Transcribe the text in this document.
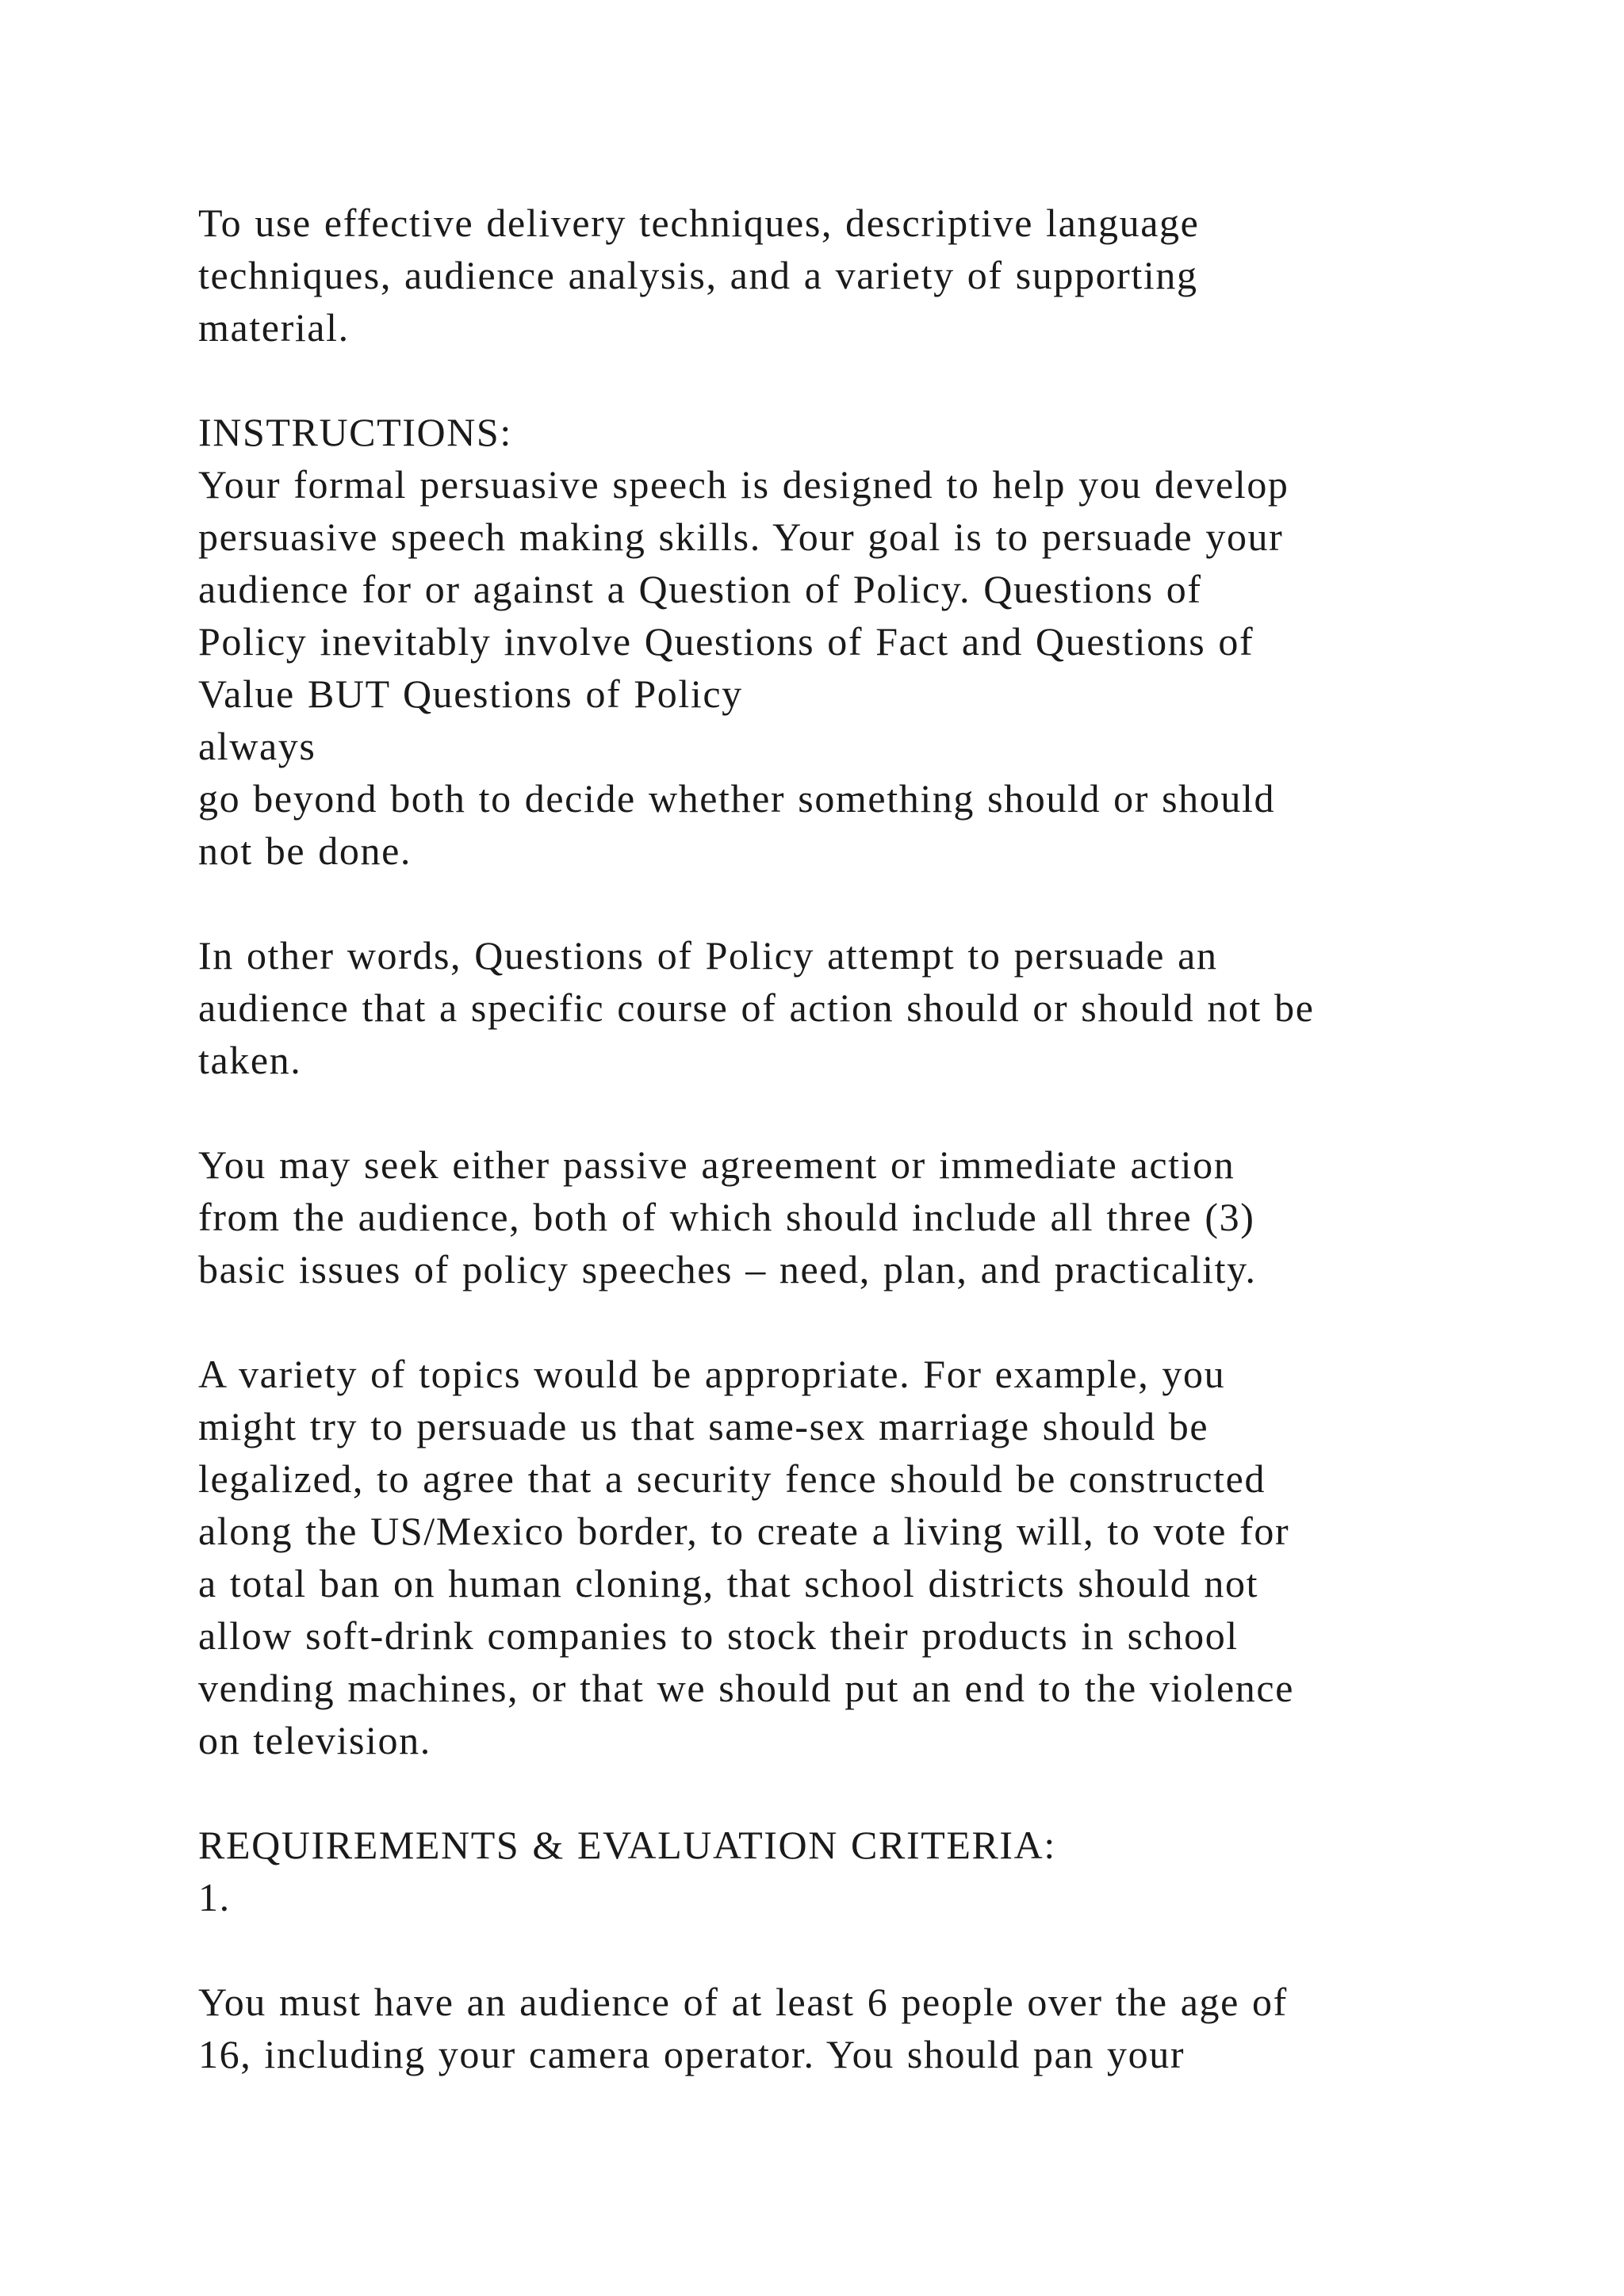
To use effective delivery techniques, descriptive language
techniques, audience analysis, and a variety of supporting
material.
INSTRUCTIONS:
Your formal persuasive speech is designed to help you develop
persuasive speech making skills. Your goal is to persuade your
audience for or against a Question of Policy. Questions of
Policy inevitably involve Questions of Fact and Questions of
Value BUT Questions of Policy
always
go beyond both to decide whether something should or should
not be done.
In other words, Questions of Policy attempt to persuade an
audience that a specific course of action should or should not be
taken.
You may seek either passive agreement or immediate action
from the audience, both of which should include all three (3)
basic issues of policy speeches – need, plan, and practicality.
A variety of topics would be appropriate. For example, you
might try to persuade us that same-sex marriage should be
legalized, to agree that a security fence should be constructed
along the US/Mexico border, to create a living will, to vote for
a total ban on human cloning, that school districts should not
allow soft-drink companies to stock their products in school
vending machines, or that we should put an end to the violence
on television.
REQUIREMENTS & EVALUATION CRITERIA:
1.
You must have an audience of at least 6 people over the age of
16, including your camera operator. You should pan your
